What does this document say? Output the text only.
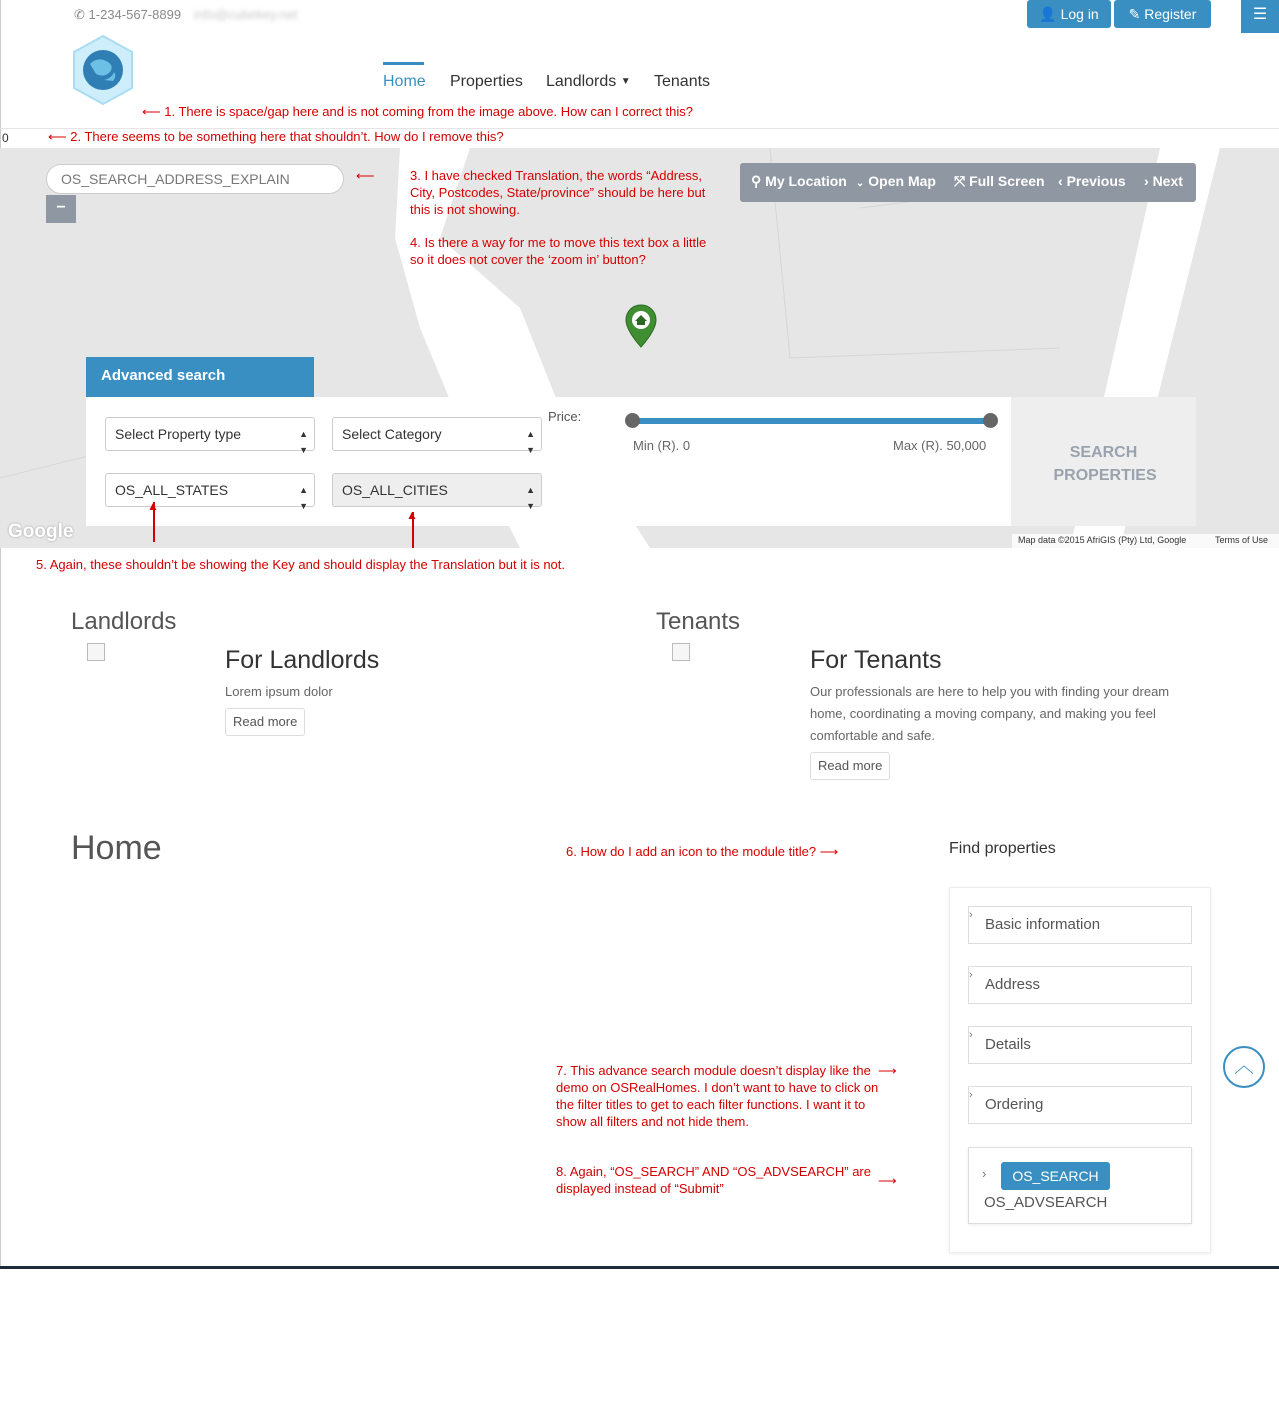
✆ 1-234-567-8899 info@cubekey.net	👤 Log in	✎ Register	☰
Home Properties Landlords ▼ Tenants
⟵ 1. There is space/gap here and is not coming from the image above. How can I correct this?
0	⟵ 2. There seems to be something here that shouldn’t. How do I remove this?
OS_SEARCH_ADDRESS_EXPLAIN
−
⟵	3. I have checked Translation, the words “Address, City, Postcodes, State/province” should be here but this is not showing.
4. Is there a way for me to move this text box a little so it does not cover the ‘zoom in’ button?
⚲ My Location ⌄ Open Map ⤧ Full Screen ‹ Previous › Next
Google	Map data ©2015 AfriGIS (Pty) Ltd, Google	Terms of Use
Advanced search
Select Property type	▲
▼
Select Category	▲
▼
OS_ALL_STATES	▲
▼
OS_ALL_CITIES	▲
▼
Price:
Min (R). 0	Max (R). 50,000	SEARCH PROPERTIES
▲
▲
5. Again, these shouldn’t be showing the Key and should display the Translation but it is not.
Landlords
For Landlords
Lorem ipsum dolor
Read more
Tenants
For Tenants
Our professionals are here to help you with finding your dream
home, coordinating a moving company, and making you feel
comfortable and safe.
Read more
Home	6. How do I add an icon to the module title? ⟶	Find properties
›
Basic information
›
Address
›
Details
›
Ordering
›	OS_SEARCH
OS_ADVSEARCH
7. This advance search module doesn’t display like the demo on OSRealHomes. I don’t want to have to click on the filter titles to get to each filter functions. I want it to show all filters and not hide them.
⟶
8. Again, “OS_SEARCH” AND “OS_ADVSEARCH” are displayed instead of “Submit”
⟶
︿
